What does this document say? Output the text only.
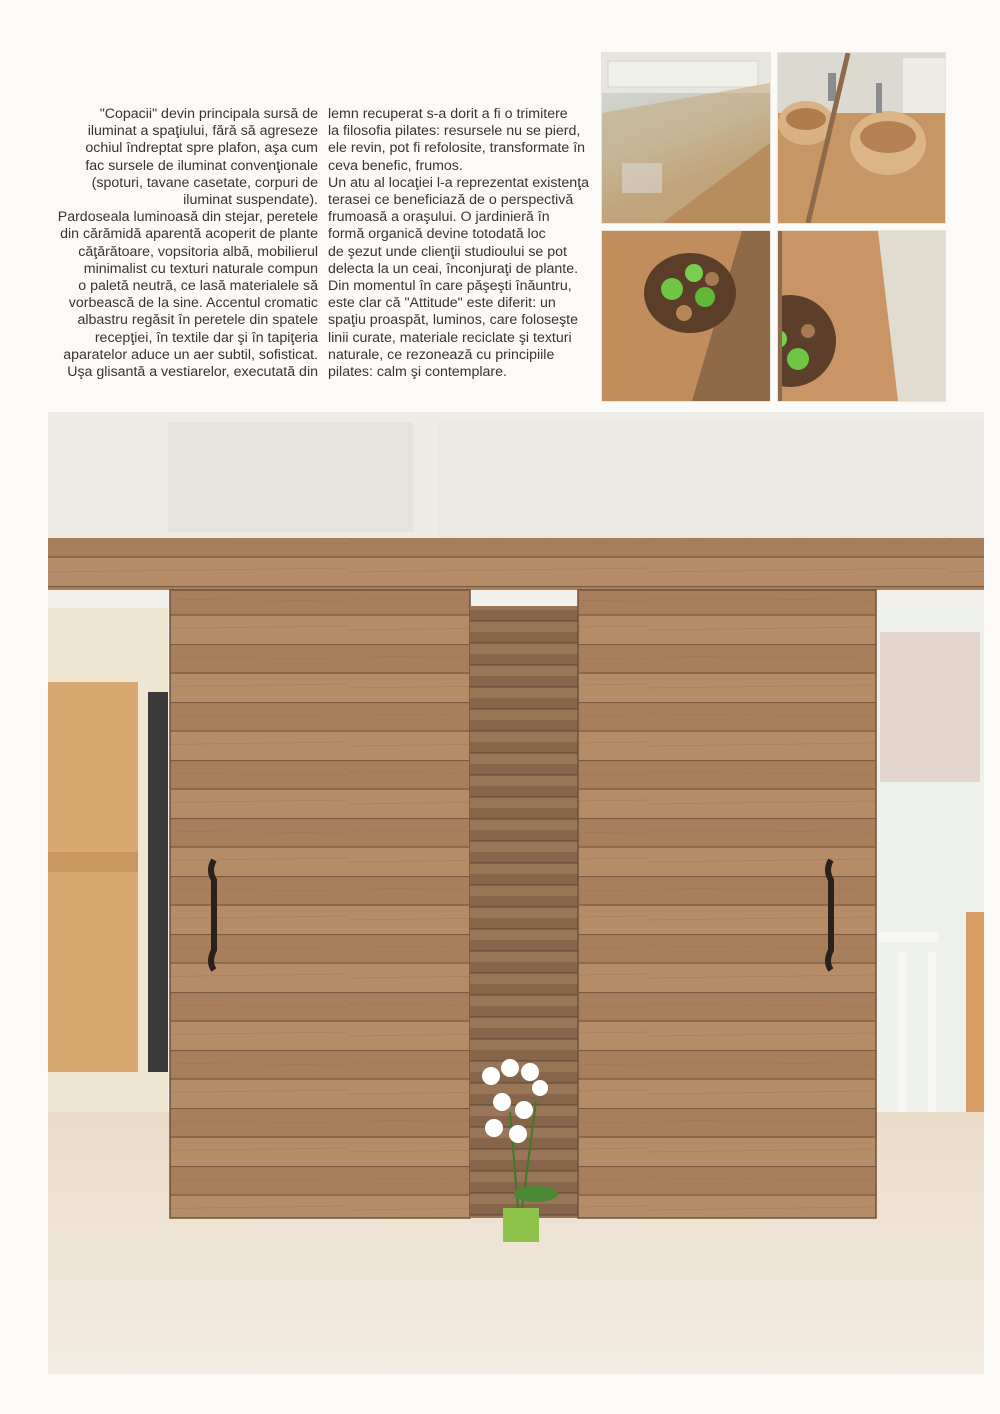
"Copacii" devin principala sursă de

iluminat a spaţiului, fără să agreseze

ochiul îndreptat spre plafon, aşa cum

fac sursele de iluminat convenţionale

(spoturi, tavane casetate, corpuri de

iluminat suspendate).

Pardoseala luminoasă din stejar, peretele

din cărămidă aparentă acoperit de plante

căţărătoare, vopsitoria albă, mobilierul

minimalist cu texturi naturale compun

o paletă neutră, ce lasă materialele să

vorbească de la sine. Accentul cromatic

albastru regăsit în peretele din spatele

recepţiei, în textile dar şi în tapiţeria

aparatelor aduce un aer subtil, sofisticat.

Uşa glisantă a vestiarelor, executată din

lemn recuperat s-a dorit a fi o trimitere

la filosofia pilates: resursele nu se pierd,

ele revin, pot fi refolosite, transformate în

ceva benefic, frumos.

Un atu al locaţiei l-a reprezentat existenţa

terasei ce beneficiază de o perspectivă

frumoasă a oraşului. O jardinieră în

formă organică devine totodată loc

de şezut unde clienţii studioului se pot

delecta la un ceai, înconjuraţi de plante.

Din momentul în care păşeşti înăuntru,

este clar că "Attitude" este diferit: un

spaţiu proaspăt, luminos, care foloseşte

linii curate, materiale reciclate şi texturi

naturale, ce rezonează cu principiile

pilates: calm şi contemplare.
